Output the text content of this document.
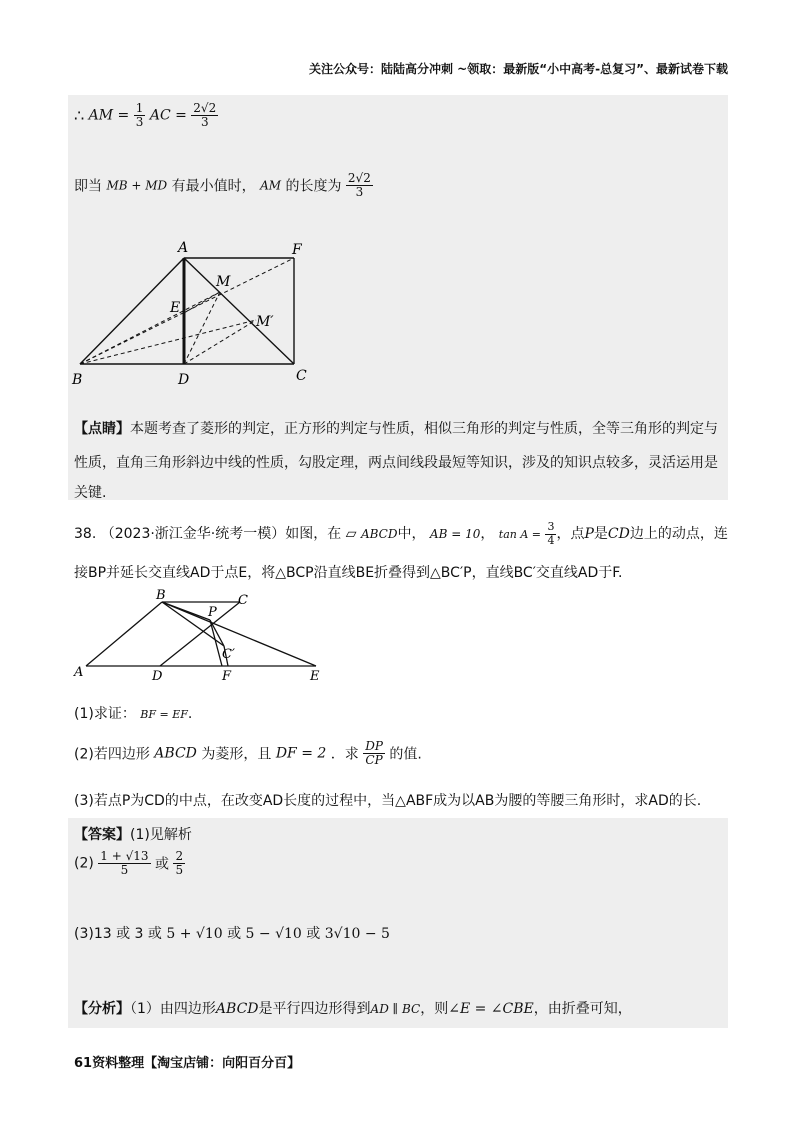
关注公众号：陆陆高分冲刺 ~领取：最新版“小中高考-总复习”、最新试卷下载
∴ AM = $\frac{1}{3}$ AC = $\frac{2√2}{3}$
即当 MB + MD 有最小值时， AM 的长度为 $\frac{2√2}{3}$
A	F
M
E
M′
B	D	C
【点睛】本题考查了菱形的判定，正方形的判定与性质，相似三角形的判定与性质，全等三角形的判定与
性质，直角三角形斜边中线的性质，勾股定理，两点间线段最短等知识，涉及的知识点较多，灵活运用是
关键.
38. （2023·浙江金华·统考一模）如图，在 ▱ ABCD中， AB = 10， $\tan A = \frac{3}{4}$ ，点P是CD边上的动点，连
接BP并延长交直线AD于点E，将△BCP沿直线BE折叠得到△BC′P，直线BC′交直线AD于F.
B	C
P
C′
A	D	F	E
(1)求证： BF = EF.
(2)若四边形 ABCD 为菱形，且 DF = 2 ．求 $\frac{DP}{CP}$ 的值.
(3)若点P为CD的中点，在改变AD长度的过程中，当△ABF成为以AB为腰的等腰三角形时，求AD的长.
【答案】(1)见解析
$(2) \frac{1 + √13}{5}$ 或 $\frac{2}{5}$
(3)13 或 3 或 5 + √10 或 5 − √10 或 3√10 − 5
【分析】（1）由四边形ABCD是平行四边形得到AD ∥ BC，则∠E = ∠CBE，由折叠可知，
61资料整理【淘宝店铺：向阳百分百】
